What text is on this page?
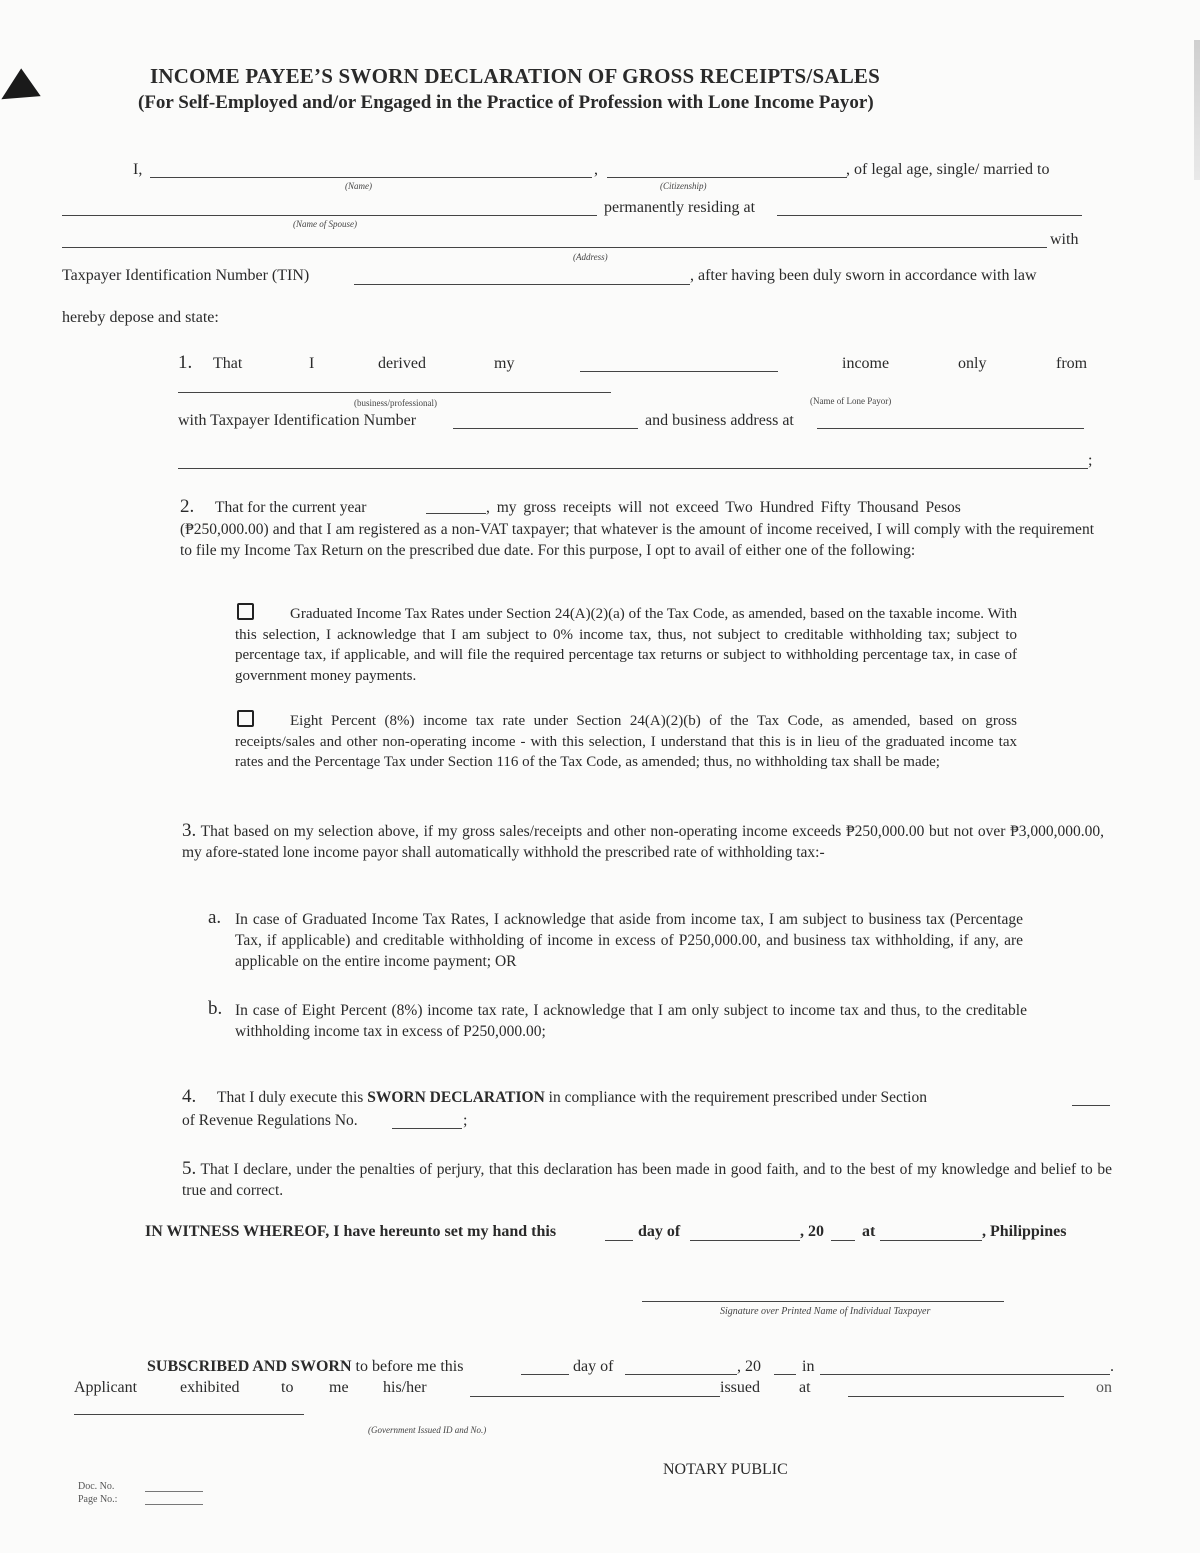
INCOME PAYEE’S SWORN DECLARATION OF GROSS RECEIPTS/SALES
(For Self-Employed and/or Engaged in the Practice of Profession with Lone Income Payor)
I,	,	, of legal age, single/ married to
(Name)	(Citizenship)
permanently residing at
(Name of Spouse)
with
(Address)
Taxpayer Identification Number (TIN)	, after having been duly sworn in accordance with law
hereby depose and state:
1. That	I	derived	my	income	only	from
(business/professional)	(Name of Lone Payor)
with Taxpayer Identification Number	and business address at
;
2. That for the current year	, my gross receipts will not exceed Two Hundred Fifty Thousand Pesos
(₱250,000.00) and that I am registered as a non-VAT taxpayer; that whatever is the amount of income received, I will comply with the requirement to file my Income Tax Return on the prescribed due date. For this purpose, I opt to avail of either one of the following:
Graduated Income Tax Rates under Section 24(A)(2)(a) of the Tax Code, as amended, based on the taxable income. With this selection, I acknowledge that I am subject to 0% income tax, thus, not subject to creditable withholding tax; subject to percentage tax, if applicable, and will file the required percentage tax returns or subject to withholding percentage tax, in case of government money payments.
Eight Percent (8%) income tax rate under Section 24(A)(2)(b) of the Tax Code, as amended, based on gross receipts/sales and other non-operating income - with this selection, I understand that this is in lieu of the graduated income tax rates and the Percentage Tax under Section 116 of the Tax Code, as amended; thus, no withholding tax shall be made;
3. That based on my selection above, if my gross sales/receipts and other non-operating income exceeds ₱250,000.00 but not over ₱3,000,000.00, my afore-stated lone income payor shall automatically withhold the prescribed rate of withholding tax:-
a. In case of Graduated Income Tax Rates, I acknowledge that aside from income tax, I am subject to business tax (Percentage Tax, if applicable) and creditable withholding of income in excess of P250,000.00, and business tax withholding, if any, are applicable on the entire income payment; OR
b. In case of Eight Percent (8%) income tax rate, I acknowledge that I am only subject to income tax and thus, to the creditable withholding income tax in excess of P250,000.00;
4. That I duly execute this SWORN DECLARATION in compliance with the requirement prescribed under Section
of Revenue Regulations No.	;
5. That I declare, under the penalties of perjury, that this declaration has been made in good faith, and to the best of my knowledge and belief to be true and correct.
IN WITNESS WHEREOF, I have hereunto set my hand this	day of	, 20 at	, Philippines
Signature over Printed Name of Individual Taxpayer
SUBSCRIBED AND SWORN to before me this	day of	, 20	in	.
Applicant	exhibited	to me his/her	issued at	on
(Government Issued ID and No.)
NOTARY PUBLIC
Doc. No.
Page No.:
